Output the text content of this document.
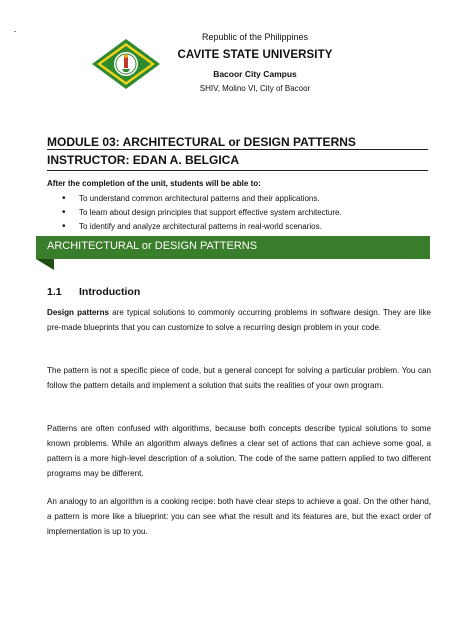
Republic of the Philippines
CAVITE STATE UNIVERSITY
Bacoor City Campus
SHIV, Molino VI, City of Bacoor
MODULE 03: ARCHITECTURAL or DESIGN PATTERNS
INSTRUCTOR: EDAN A. BELGICA
After the completion of the unit, students will be able to:
• To understand common architectural patterns and their applications.
• To learn about design principles that support effective system architecture.
• To identify and analyze architectural patterns in real-world scenarios.
ARCHITECTURAL or DESIGN PATTERNS
1.1 Introduction
Design patterns are typical solutions to commonly occurring problems in software design. They are like pre-made blueprints that you can customize to solve a recurring design problem in your code.
The pattern is not a specific piece of code, but a general concept for solving a particular problem. You can follow the pattern details and implement a solution that suits the realities of your own program.
Patterns are often confused with algorithms, because both concepts describe typical solutions to some known problems. While an algorithm always defines a clear set of actions that can achieve some goal, a pattern is a more high-level description of a solution. The code of the same pattern applied to two different programs may be different.
An analogy to an algorithm is a cooking recipe: both have clear steps to achieve a goal. On the other hand, a pattern is more like a blueprint: you can see what the result and its features are, but the exact order of implementation is up to you.
